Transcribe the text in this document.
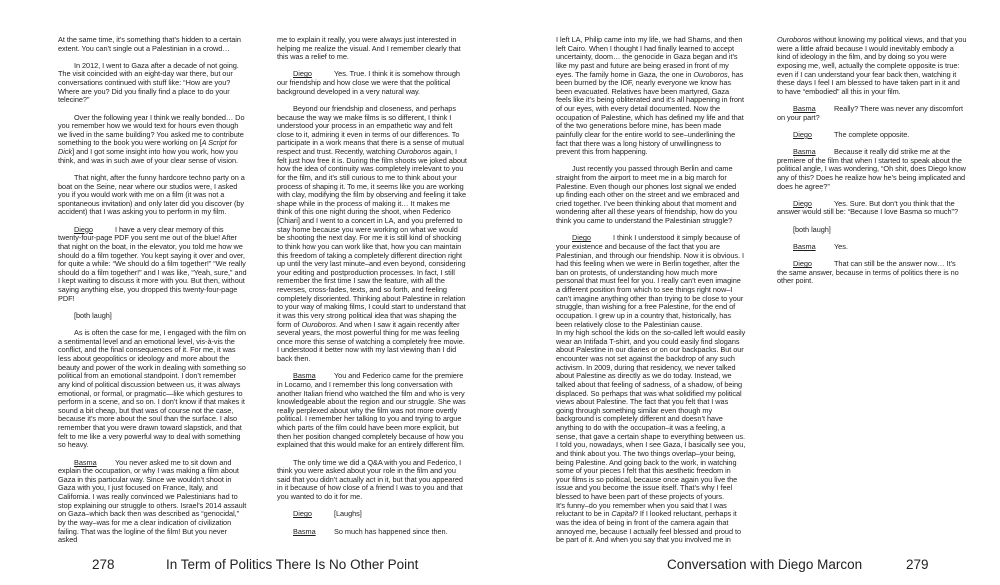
At the same time, it’s something that’s hidden to a certain extent. You can’t single out a Palestinian in a crowd…

In 2012, I went to Gaza after a decade of not going. The visit coincided with an eight-day war there, but our conversations continued with stuff like: “How are you? Where are you? Did you finally find a place to do your telecine?”

Over the following year I think we really bonded… Do you remember how we would text for hours even though we lived in the same building? You asked me to contribute something to the book you were working on [A Script for Dick] and I got some insight into how you work, how you think, and was in such awe of your clear sense of vision.

That night, after the funny hardcore techno party on a boat on the Seine, near where our studios were, I asked you if you would work with me on a film (it was not a spontaneous invitation) and only later did you discover (by accident) that I was asking you to perform in my film.

Diego	I have a very clear memory of this twenty-four-page PDF you sent me out of the blue! After that night on the boat, in the elevator, you told me how we should do a film together. You kept saying it over and over, for quite a while: “We should do a film together!” “We really should do a film together!” and I was like, “Yeah, sure,” and I kept waiting to discuss it more with you. But then, without saying anything else, you dropped this twenty-four-page PDF!

[both laugh]

As is often the case for me, I engaged with the film on a sentimental level and an emotional level, vis-à-vis the conflict, and the final consequences of it. For me, it was less about geopolitics or ideology and more about the beauty and power of the work in dealing with something so political from an emotional standpoint. I don’t remember any kind of political discussion between us, it was always emotional, or formal, or pragmatic—like which gestures to perform in a scene, and so on. I don’t know if that makes it sound a bit cheap, but that was of course not the case, because it’s more about the soul than the surface. I also remember that you were drawn toward slapstick, and that felt to me like a very powerful way to deal with something so heavy.

Basma	You never asked me to sit down and explain the occupation, or why I was making a film about Gaza in this particular way. Since we wouldn’t shoot in Gaza with you, I just focused on France, Italy, and California. I was really convinced we Palestinians had to stop explaining our struggle to others. Israel’s 2014 assault on Gaza–which back then was described as “genocidal,” by the way–was for me a clear indication of civilization failing. That was the logline of the film! But you never asked

me to explain it really, you were always just interested in helping me realize the visual. And I remember clearly that this was a relief to me.

Diego	Yes. True. I think it is somehow through our friendship and how close we were that the political background developed in a very natural way.

Beyond our friendship and closeness, and perhaps because the way we make films is so different, I think I understood your process in an empathetic way and felt close to it, admiring it even in terms of our differences. To participate in a work means that there is a sense of mutual respect and trust. Recently, watching Ouroboros again, I felt just how free it is. During the film shoots we joked about how the idea of continuity was completely irrelevant to you for the film, and it’s still curious to me to think about your process of shaping it. To me, it seems like you are working with clay, modifying the film by observing and feeling it take shape while in the process of making it… It makes me think of this one night during the shoot, when Federico [Chiari] and I went to a concert in LA, and you preferred to stay home because you were working on what we would be shooting the next day. For me it is still kind of shocking to think how you can work like that, how you can maintain this freedom of taking a completely different direction right up until the very last minute–and even beyond, considering your editing and postproduction processes. In fact, I still remember the first time I saw the feature, with all the reverses, cross-fades, texts, and so forth, and feeling completely disoriented. Thinking about Palestine in relation to your way of making films, I could start to understand that it was this very strong political idea that was shaping the form of Ouroboros. And when I saw it again recently after several years, the most powerful thing for me was feeling once more this sense of watching a completely free movie. I understood it better now with my last viewing than I did back then.

Basma	You and Federico came for the premiere in Locarno, and I remember this long conversation with another Italian friend who watched the film and who is very knowledgeable about the region and our struggle. She was really perplexed about why the film was not more overtly political. I remember her talking to you and trying to argue which parts of the film could have been more explicit, but then her position changed completely because of how you explained that this would make for an entirely different film.

The only time we did a Q&A with you and Federico, I think you were asked about your role in the film and you said that you didn’t actually act in it, but that you appeared in it because of how close of a friend I was to you and that you wanted to do it for me.

Diego	[Laughs]

Basma	So much has happened since then.

I left LA, Philip came into my life, we had Shams, and then left Cairo. When I thought I had finally learned to accept uncertainty, doom… the genocide in Gaza began and it’s like my past and future are being erased in front of my eyes. The family home in Gaza, the one in Ouroboros, has been burned by the IOF, nearly everyone we know has been evacuated. Relatives have been martyred, Gaza feels like it’s being obliterated and it’s all happening in front of our eyes, with every detail documented. Now the occupation of Palestine, which has defined my life and that of the two generations before mine, has been made painfully clear for the entire world to see–underlining the fact that there was a long history of unwillingness to prevent this from happening.

Just recently you passed through Berlin and came straight from the airport to meet me in a big march for Palestine. Even though our phones lost signal we ended up finding each other on the street and we embraced and cried together. I’ve been thinking about that moment and wondering after all these years of friendship, how do you think you came to understand the Palestinian struggle?

Diego	I think I understood it simply because of your existence and because of the fact that you are Palestinian, and through our friendship. Now it is obvious. I had this feeling when we were in Berlin together, after the ban on protests, of understanding how much more personal that must feel for you. I really can’t even imagine a different position from which to see things right now–I can’t imagine anything other than trying to be close to your struggle, than wishing for a free Palestine, for the end of occupation. I grew up in a country that, historically, has been relatively close to the Palestinian cause.
In my high school the kids on the so-called left would easily wear an Intifada T-shirt, and you could easily find slogans about Palestine in our diaries or on our backpacks. But our encounter was not set against the backdrop of any such activism. In 2009, during that residency, we never talked about Palestine as directly as we do today. Instead, we talked about that feeling of sadness, of a shadow, of being displaced. So perhaps that was what solidified my political views about Palestine. The fact that you felt that I was going through something similar even though my background is completely different and doesn’t have anything to do with the occupation–it was a feeling, a sense, that gave a certain shape to everything between us. I told you, nowadays, when I see Gaza, I basically see you, and think about you. The two things overlap–your being, being Palestine. And going back to the work, in watching some of your pieces I felt that this aesthetic freedom in your films is so political, because once again you live the issue and you become the issue itself. That’s why I feel blessed to have been part of these projects of yours.
It’s funny–do you remember when you said that I was reluctant to be in Capital? If I looked reluctant, perhaps it was the idea of being in front of the camera again that annoyed me, because I actually feel blessed and proud to be part of it. And when you say that you involved me in

Ouroboros without knowing my political views, and that you were a little afraid because I would inevitably embody a kind of ideology in the film, and by doing so you were exposing me, well, actually the complete opposite is true: even if I can understand your fear back then, watching it these days I feel I am blessed to have taken part in it and to have “embodied” all this in your film.

Basma	Really? There was never any discomfort on your part?

Diego	The complete opposite.

Basma	Because it really did strike me at the premiere of the film that when I started to speak about the political angle, I was wondering, “Oh shit, does Diego know any of this? Does he realize how he’s being implicated and does he agree?”

Diego	Yes. Sure. But don’t you think that the answer would still be: “Because I love Basma so much”?

[both laugh]

Basma	Yes.

Diego	That can still be the answer now… It’s the same answer, because in terms of politics there is no other point.

278	In Term of Politics There Is No Other Point	Conversation with Diego Marcon	279
